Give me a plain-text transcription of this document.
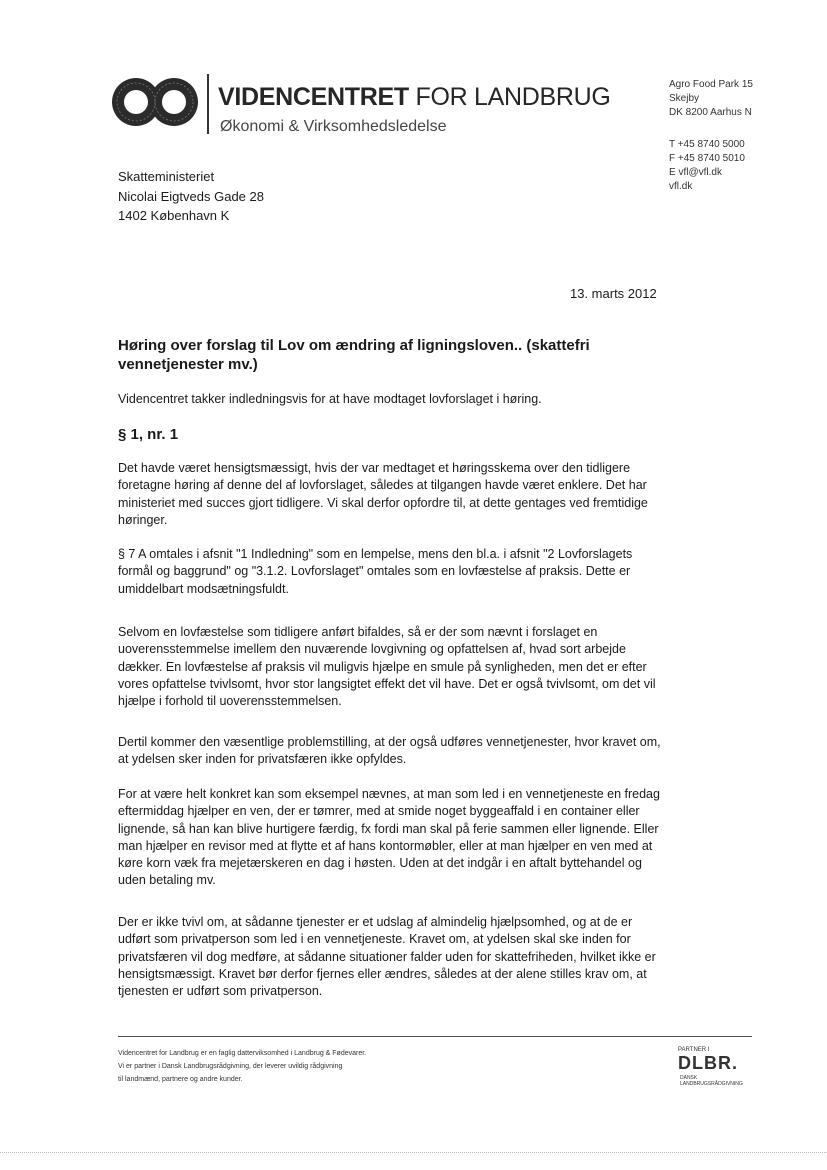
VIDENCENTRET FOR LANDBRUG
Økonomi & Virksomhedsledelse
Agro Food Park 15
Skejby
DK 8200 Aarhus N
T +45 8740 5000
F +45 8740 5010
E vfl@vfl.dk
vfl.dk
Skatteministeriet
Nicolai Eigtveds Gade 28
1402 København K
13. marts 2012
Høring over forslag til Lov om ændring af ligningsloven.. (skattefri vennetjenester mv.)
Videncentret takker indledningsvis for at have modtaget lovforslaget i høring.
§ 1, nr. 1
Det havde været hensigtsmæssigt, hvis der var medtaget et høringsskema over den tidligere foretagne høring af denne del af lovforslaget, således at tilgangen havde været enklere. Det har ministeriet med succes gjort tidligere. Vi skal derfor opfordre til, at dette gentages ved fremtidige høringer.
§ 7 A omtales i afsnit "1 Indledning" som en lempelse, mens den bl.a. i afsnit "2 Lovforslagets formål og baggrund" og "3.1.2. Lovforslaget" omtales som en lovfæstelse af praksis. Dette er umiddelbart modsætningsfuldt.
Selvom en lovfæstelse som tidligere anført bifaldes, så er der som nævnt i forslaget en uoverensstemmelse imellem den nuværende lovgivning og opfattelsen af, hvad sort arbejde dækker. En lovfæstelse af praksis vil muligvis hjælpe en smule på synligheden, men det er efter vores opfattelse tvivlsomt, hvor stor langsigtet effekt det vil have. Det er også tvivlsomt, om det vil hjælpe i forhold til uoverensstemmelsen.
Dertil kommer den væsentlige problemstilling, at der også udføres vennetjenester, hvor kravet om, at ydelsen sker inden for privatsfæren ikke opfyldes.
For at være helt konkret kan som eksempel nævnes, at man som led i en vennetjeneste en fredag eftermiddag hjælper en ven, der er tømrer, med at smide noget byggeaffald i en container eller lignende, så han kan blive hurtigere færdig, fx fordi man skal på ferie sammen eller lignende. Eller man hjælper en revisor med at flytte et af hans kontormøbler, eller at man hjælper en ven med at køre korn væk fra mejetærskeren en dag i høsten. Uden at det indgår i en aftalt byttehandel og uden betaling mv.
Der er ikke tvivl om, at sådanne tjenester er et udslag af almindelig hjælpsomhed, og at de er udført som privatperson som led i en vennetjeneste. Kravet om, at ydelsen skal ske inden for privatsfæren vil dog medføre, at sådanne situationer falder uden for skattefriheden, hvilket ikke er hensigtsmæssigt. Kravet bør derfor fjernes eller ændres, således at der alene stilles krav om, at tjenesten er udført som privatperson.
Videncentret for Landbrug er en faglig datterviksomhed i Landbrug & Fødevarer.
Vi er partner i Dansk Landbrugsrådgivning, der leverer uvildig rådgivning
til landmænd, partnere og andre kunder.
PARTNER I
DLBR.
DANSK LANDBRUGSRÅDGIVNING
